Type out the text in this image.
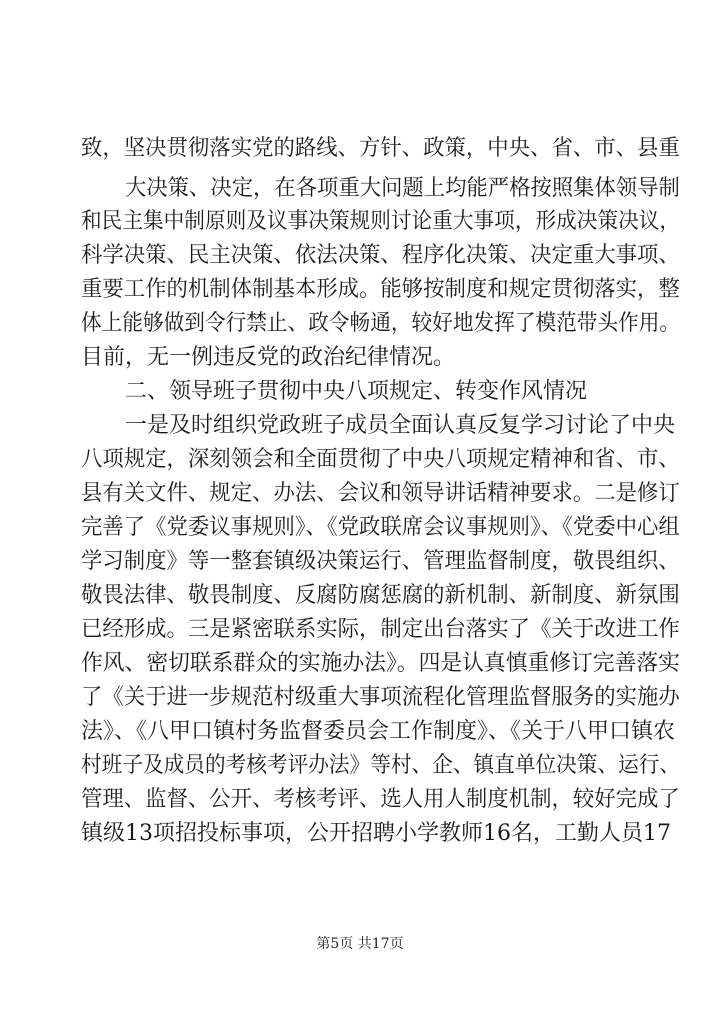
致，坚决贯彻落实党的路线、方针、政策，中央、省、市、县重
大决策、决定，在各项重大问题上均能严格按照集体领导制
和民主集中制原则及议事决策规则讨论重大事项，形成决策决议，
科学决策、民主决策、依法决策、程序化决策、决定重大事项、
重要工作的机制体制基本形成。能够按制度和规定贯彻落实，整
体上能够做到令行禁止、政令畅通，较好地发挥了模范带头作用。
目前，无一例违反党的政治纪律情况。
二、领导班子贯彻中央八项规定、转变作风情况
一是及时组织党政班子成员全面认真反复学习讨论了中央
八项规定，深刻领会和全面贯彻了中央八项规定精神和省、市、
县有关文件、规定、办法、会议和领导讲话精神要求。二是修订
完善了《党委议事规则》、《党政联席会议事规则》、《党委中心组
学习制度》等一整套镇级决策运行、管理监督制度，敬畏组织、
敬畏法律、敬畏制度、反腐防腐惩腐的新机制、新制度、新氛围
已经形成。三是紧密联系实际，制定出台落实了《关于改进工作
作风、密切联系群众的实施办法》。四是认真慎重修订完善落实
了《关于进一步规范村级重大事项流程化管理监督服务的实施办
法》、《八甲口镇村务监督委员会工作制度》、《关于八甲口镇农
村班子及成员的考核考评办法》等村、企、镇直单位决策、运行、
管理、监督、公开、考核考评、选人用人制度机制，较好完成了
镇级13项招投标事项，公开招聘小学教师16名，工勤人员17
第5页 共17页
